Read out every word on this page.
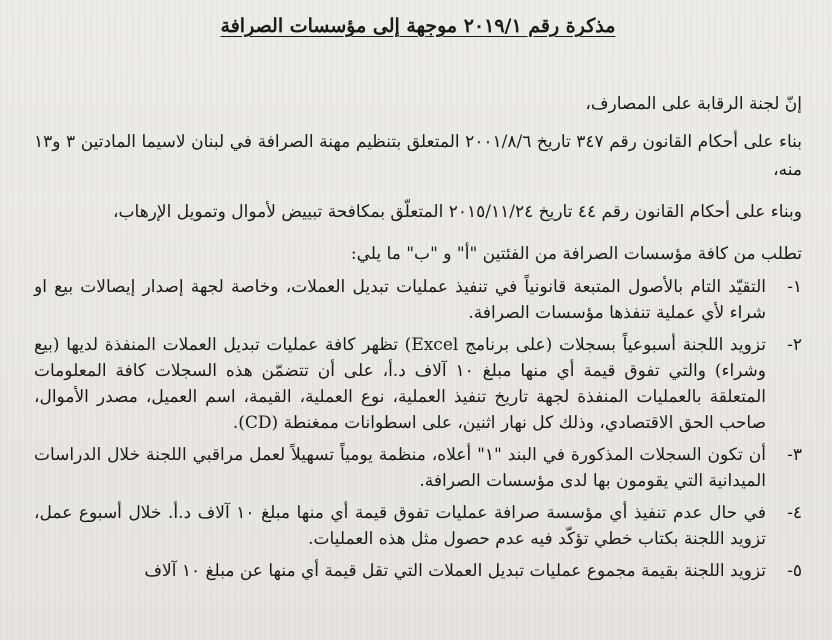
مذكرة رقم ٢٠١٩/١ موجهة إلى مؤسسات الصرافة
إنّ لجنة الرقابة على المصارف،
بناء على أحكام القانون رقم ٣٤٧ تاريخ ٢٠٠١/٨/٦ المتعلق بتنظيم مهنة الصرافة في لبنان لاسيما المادتين ٣ و١٣ منه،
وبناء على أحكام القانون رقم ٤٤ تاريخ ٢٠١٥/١١/٢٤ المتعلّق بمكافحة تبييض لأموال وتمويل الإرهاب،
تطلب من كافة مؤسسات الصرافة من الفئتين "أ" و "ب" ما يلي:
١-
التقيّد التام بالأصول المتبعة قانونياً في تنفيذ عمليات تبديل العملات، وخاصة لجهة إصدار إيصالات بيع او شراء لأي عملية تنفذها مؤسسات الصرافة.
٢-
تزويد اللجنة أسبوعياً بسجلات (على برنامج Excel) تظهر كافة عمليات تبديل العملات المنفذة لديها (بيع وشراء) والتي تفوق قيمة أي منها مبلغ ١٠ آلاف د.أ، على أن تتضمّن هذه السجلات كافة المعلومات المتعلقة بالعمليات المنفذة لجهة تاريخ تنفيذ العملية، نوع العملية، القيمة، اسم العميل، مصدر الأموال، صاحب الحق الاقتصادي، وذلك كل نهار اثنين، على اسطوانات ممغنطة (CD).
٣-
أن تكون السجلات المذكورة في البند "١" أعلاه، منظمة يومياً تسهيلاً لعمل مراقبي اللجنة خلال الدراسات الميدانية التي يقومون بها لدى مؤسسات الصرافة.
٤-
في حال عدم تنفيذ أي مؤسسة صرافة عمليات تفوق قيمة أي منها مبلغ ١٠ آلاف د.أ. خلال أسبوع عمل، تزويد اللجنة بكتاب خطي تؤكّد فيه عدم حصول مثل هذه العمليات.
٥-
تزويد اللجنة بقيمة مجموع عمليات تبديل العملات التي تقل قيمة أي منها عن مبلغ ١٠ آلاف
